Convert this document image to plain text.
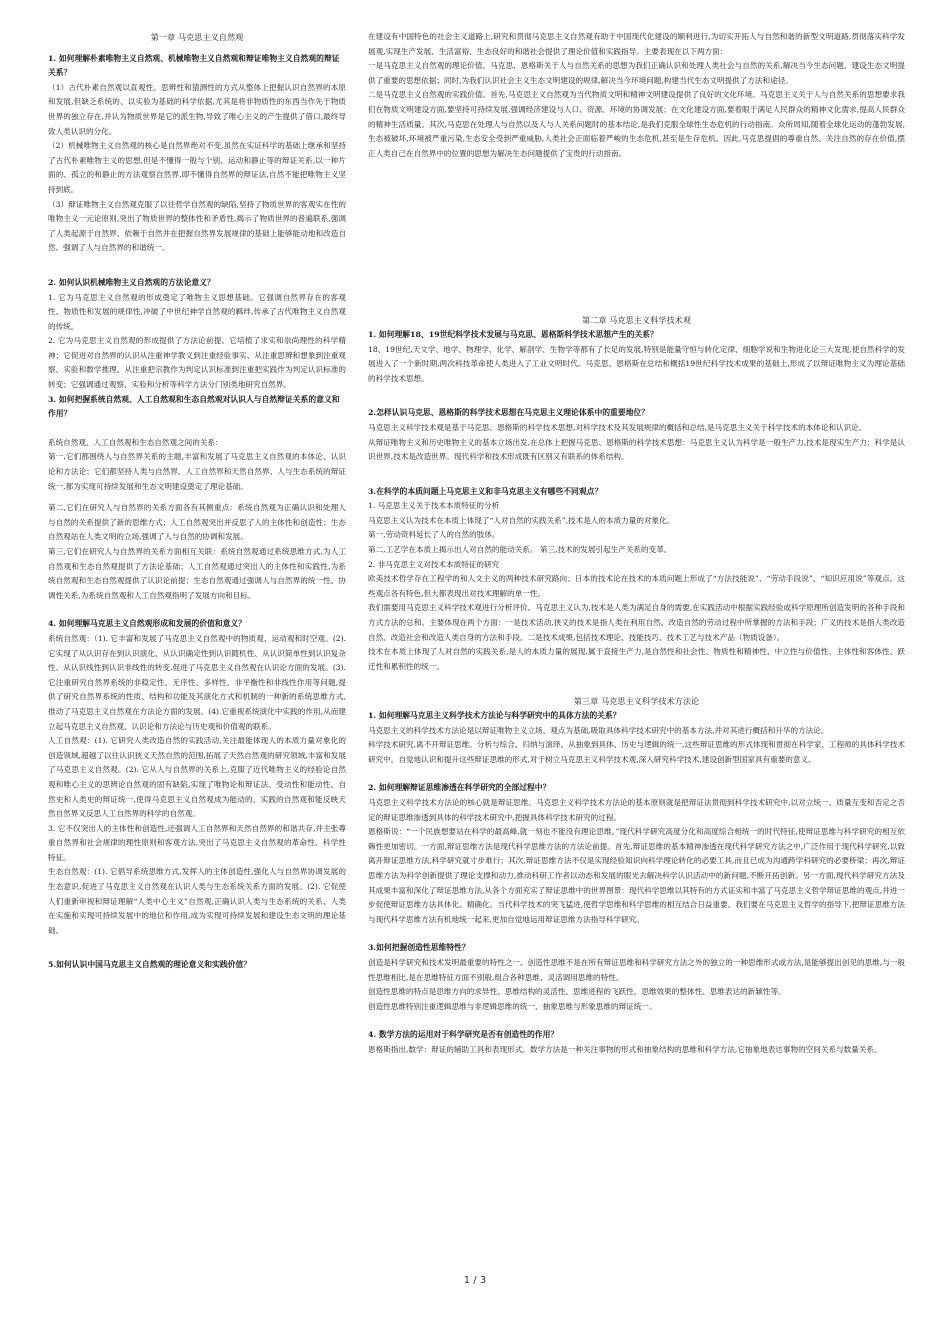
第一章 马克思主义自然观
1. 如何理解朴素唯物主义自然观、机械唯物主义自然观和辩证唯物主义自然观的辩证关系？

（1）古代朴素自然观以直观性、思辨性和猜测性的方式从整体上把握认识自然界的本原和发展,但缺乏系统的、以实验为基础的科学依据,尤其是将非物质性的东西当作先于物质世界的独立存在,并认为物质世界是它的派生物,导致了唯心主义的产生提供了借口,最终导致人类认识的分化。

（2）机械唯物主义自然观的核心是自然界绝对不变,虽然在实证科学的基础上继承和坚持了古代朴素唯物主义的思想,但是不懂得一般与个别、运动和静止等的辩证关系,以一种片面的、孤立的和静止的方法观察自然界,即不懂得自然界的辩证法,自然不能把唯物主义坚持到底。

（3）辩证唯物主义自然观克服了以往哲学自然观的缺陷,坚持了物质世界的客观实在性的唯物主义一元论原则,突出了物质世界的整体性和矛盾性,揭示了物质世界的普遍联系,强调了人类起源于自然界、依赖于自然并在把握自然界发展规律的基础上能够能动地和改造自然。强调了人与自然界的和谐统一。

2. 如何认识机械唯物主义自然观的方法论意义？

1. 它为马克思主义自然观的形成奠定了唯物主义思想基础。它强调自然界存在的客观性、物质性和发展的规律性,冲破了中世纪神学自然观的羁绊,传承了古代唯物主义自然观的传统。

2. 它为马克思主义自然观的形成提供了方法论前提。它培植了求实和崇尚理性的科学精神；它促进对自然界的认识从注重神学教义到注重经验事实、从注重思辨和想象到注重观察、实验和数学推理、从注重把宗教作为判定认识标准到注重把实践作为判定认识标准的转变；它强调通过观察、实验和分析等科学方法分门别类地研究自然界。

3. 如何把握系统自然观、人工自然观和生态自然观对认识人与自然辩证关系的意义和作用？

系统自然观、人工自然观和生态自然观之间的关系：

第一,它们都围绕人与自然界关系的主题,丰富和发展了马克思主义自然观的本体论、认识论和方法论；它们都坚持人类与自然界、人工自然界和天然自然界、人与生态系统的辩证统一,都为实现可持续发展和生态文明建设奠定了理论基础。

第二,它们在研究人与自然界的关系方面各有其侧重点：系统自然观为正确认识和处理人与自然的关系提供了新的思维方式；人工自然观突出并反思了人的主体性和创造性；生态自然观站在人类文明的立场,强调了人与自然的协调和发展。

第三,它们在研究人与自然界的关系方面相互关联：系统自然观通过系统思维方式,为人工自然观和生态自然观提供了方法论基础；人工自然观通过突出人的主体性和实践性,为系统自然观和生态自然观提供了认识论前提；生态自然观通过强调人与自然界的统一性、协调性关系,为系统自然观和人工自然观指明了发展方向和目标。

4. 如何理解马克思主义自然观形成和发展的价值和意义？

系统自然观：（1). 它丰富和发展了马克思主义自然观中的物质观、运动观和时空观。(2). 它实现了从认识存在到认识演化、从认识确定性到认识随机性、从认识简单性到认识复杂性、从认识线性到认识非线性的转变,促进了马克思主义自然观在认识论方面的发展。(3). 它注重研究自然界系统的非稳定性、无序性、多样性、非平衡性和非线性作用等问题,提供了研究自然界系统的性质、结构和功能及其演化方式和机制的一种新的系统思维方式,推动了马克思主义自然观在方法论方面的发展。(4).它重视系统演化中实践的作用,从而建立起马克思主义自然观、认识论和方法论与历史观和价值观的联系。

人工自然观：(1). 它研究人类改造自然的实践活动,关注最能体现人的本质力量对象化的创造领域,超越了以往认识狭义天然自然的范围,拓展了天然自然观的研究领域,丰富和发展了马克思主义自然观。(2). 它从人与自然界的关系上,克服了近代唯物主义的经验论自然观和唯心主义的思辨论自然观的固有缺陷,实现了唯物论和辩证法、受动性和能动性、自然史和人类史的辩证统一,使得马克思主义自然观成为能动的、实践的自然观和能反映天然自然界又反思人工自然界的科学的自然观。

3. 它不仅突出人的主体性和创造性,还强调人工自然界和天然自然界的和谐共存,并主张尊重自然界和社会规律的理性原则和客观方法,突出了马克思主义自然观的革命性、科学性特征。

生态自然观：(1). 它倡导系统思维方式,发挥人的主体创造性,强化人与自然界协调发展的生态意识,促进了马克思主义自然观在认识人类与生态系统关系方面的发展。(2). 它促使人们重新审视和辩证理解“人类中心主义”自然观,正确认识人类与生态系统的关系、人类在实施和实现可持续发展中的地位和作用,成为实现可持续发展和建设生态文明的理论基础。

5.如何认识中国马克思主义自然观的理论意义和实践价值？

在建设有中国特色的社会主义道路上,研究和贯彻马克思主义自然观有助于中国现代化建设的顺利进行,为切实开拓人与自然和谐的新型文明道路,贯彻落实科学发展观,实现生产发展、生活富裕、生态良好的和谐社会提供了理论价值和实践指导。主要表现在以下两方面：

一是马克思主义自然观的理论价值。马克思、恩格斯关于人与自然关系的思想为我们正确认识和处理人类社会与自然的关系,解决当今生态问题、建设生态文明提供了重要的思想依据；同时,为我们认识社会主义生态文明建设的规律,解决当今环境问题,构建当代生态文明提供了方法和途径。

二是马克思主义自然观的实践价值。首先,马克思主义自然观为当代物质文明和精神文明建设提供了良好的文化环境。马克思主义关于人与自然关系的思想要求我们在物质文明建设方面,要坚持可持续发展,强调经济建设与人口、资源、环境的协调发展；在文化建设方面,要着眼于满足人民群众的精神文化需求,提高人民群众的精神生活质量。其次,马克思在处理人与自然以及人与人关系问题时的基本结论,是我们克服全球性生态危机的行动指南。众所周知,随着全球化运动的蓬勃发展,生态被破坏,环境被严重污染,生态安全受到严重威胁,人类社会正面临着严峻的生态危机,甚至是生存危机。因此,马克思提倡的尊重自然、关注自然的存在价值,摆正人类自己在自然界中的位置的思想为解决生态问题提供了宝贵的行动指南。

第二章 马克思主义科学技术观
1. 如何理解18、19世纪科学技术发展与马克思、恩格斯科学技术思想产生的关系？

18、19世纪,天文学、地学、物理学、化学、解剖学、生物学等都有了长足的发展,特别是能量守恒与转化定律、细胞学说和生物进化论三大发现,使自然科学的发展进入了一个新时期,两次科技革命使人类进入了工业文明时代。马克思、恩格斯在总结和概括19世纪科学技术成果的基础上,形成了以辩证唯物主义为理论基础的科学技术思想。

2.怎样认识马克思、恩格斯的科学技术思想在马克思主义理论体系中的重要地位？

马克思主义科学技术观是基于马克思、恩格斯的科学技术思想,对科学技术及其发展规律的概括和总结,是马克思主义关于科学技术的本体论和认识论。

从辩证唯物主义和历史唯物主义的基本立场出发,在总体上把握马克思、恩格斯的科学技术思想：马克思主义认为科学是一般生产力,技术是现实生产力；科学是认识世界,技术是改造世界。现代科学和技术形成既有区别又有联系的体系结构。

3.在科学的本质问题上马克思主义和非马克思主义有哪些不同观点？

1. 马克思主义关于技术本质特征的分析

马克思主义认为技术在本质上体现了“人对自然的实践关系”,技术是人的本质力量的对象化。

第一,劳动资料延长了人的自然的肢体。

第二,工艺学在本质上揭示出人对自然的能动关系。 第三,技术的发展引起生产关系的变革。

2. 非马克思主义对技术本质特征的研究

欧美技术哲学存在工程学的和人文主义的两种技术研究路向；日本的技术论在技术的本质问题上形成了“方法技能说”、“劳动手段说”、“知识应用说”等观点。这些观点各有特色,但大都表现出对技术理解的单一性。

我们需要用马克思主义科学技术观进行分析评价。马克思主义认为,技术是人类为满足自身的需要,在实践活动中根据实践经验或科学原理所创造发明的各种手段和方式方法的总和。主要体现在两个方面：一是技术活动,狭义的技术是指人类在利用自然、改造自然的劳动过程中所掌握的方法和手段；广义的技术是指人类改造自然、改造社会和改造人类自身的方法和手段。二是技术成果,包括技术理论、技能技巧、技术工艺与技术产品（物质设备）。

技术在本质上体现了人对自然的实践关系,是人的本质力量的展现,属于直接生产力,是自然性和社会性、物质性和精神性、中立性与价值性、主体性和客体性、跃迁性和累积性的统一。

第三章 马克思主义科学技术方法论
1. 如何理解马克思主义科学技术方法论与科学研究中的具体方法的关系？

马克思主义的科学技术方法论是以辩证唯物主义立场、观点为基础,吸取具体科学技术研究中的基本方法,并对其进行概括和升华的方法论。

科学技术研究,离不开辩证思维。分析与综合、归纳与演绎、从抽象到具体、历史与逻辑的统一,这些辩证思维的形式体现和贯彻在科学家、工程师的具体科学技术研究中。自觉地认识和提升这些辩证思维的形式,对于树立马克思主义科学技术观,深入研究科学技术,建设创新型国家具有重要的意义。

2. 如何理解辩证思维渗透在科学研究的全部过程中？

马克思主义科学技术方法论的核心就是辩证思维。马克思主义科学技术方法论的基本原则就是把辩证法贯彻到科学技术研究中,以对立统一、质量互变和否定之否定的辩证思维渗透到具体的科学技术研究中,把握具体科学技术研究的过程。

恩格斯说：“一个民族想要站在科学的最高峰,就一刻也不能没有理论思维。”现代科学研究高度分化和高度综合相统一的时代特征,使辩证思维与科学研究的相互依赖性更加密切。一方面,辩证思维方法是现代科学思维方法的方法论前提。首先,辩证思维的基本精神渗透在现代科学研究方法之中,广泛作用于现代科学研究,以致离开辩证思维方法,科学研究就寸步难行；其次,辩证思维方法不仅是实现经验知识向科学理论转化的必要工具,而且已成为沟通跨学科研究的必要桥梁；再次,辩证思维方法为科学创新提供了理论支撑和动力,推动科研工作者以动态和发展的眼光去解决科学认识活动中的新问题,不断开拓创新。另一方面,现代科学研究方法及其成果丰富和深化了辩证思维方法,从各个方面充实了辩证思维中的世界图景：现代科学思维以其特有的方式证实和丰富了马克思主义哲学辩证思维的观点,并进一步促使辩证思维方法具体化、精确化。当代科学技术的突飞猛进,使哲学思维和科学思维的相互结合日益重要。我们要在马克思主义哲学的指导下,把辩证思维方法与现代科学思维方法有机地统一起来,更加自觉地运用辩证思维方法指导科学研究。

3.如何把握创造性思维特性？

创造是科学研究和技术发明最重要的特性之一。创造性思维不是在所有辩证思维和科学研究方法之外的独立的一种思维形式或方法,是能够提出创见的思维,与一般性思维相比,是在思维特征方面不别般,组合各种思维、灵活调用思维的特性。

创造性思维的特点是思维方向的求异性、思维结构的灵活性、思维进程的飞跃性、思维效果的整体性、思维表达的新颖性等。

创造性思维特别注重逻辑思维与非逻辑思维的统一、抽象思维与形象思维的辩证统一。

4. 数学方法的运用对于科学研究是否有创造性的作用？

恩格斯指出,数学：辩证的辅助工具和表现形式。数学方法是一种关注事物的形式和抽象结构的思维和科学方法,它抽象地表达事物的空间关系与数量关系。

1 / 3
